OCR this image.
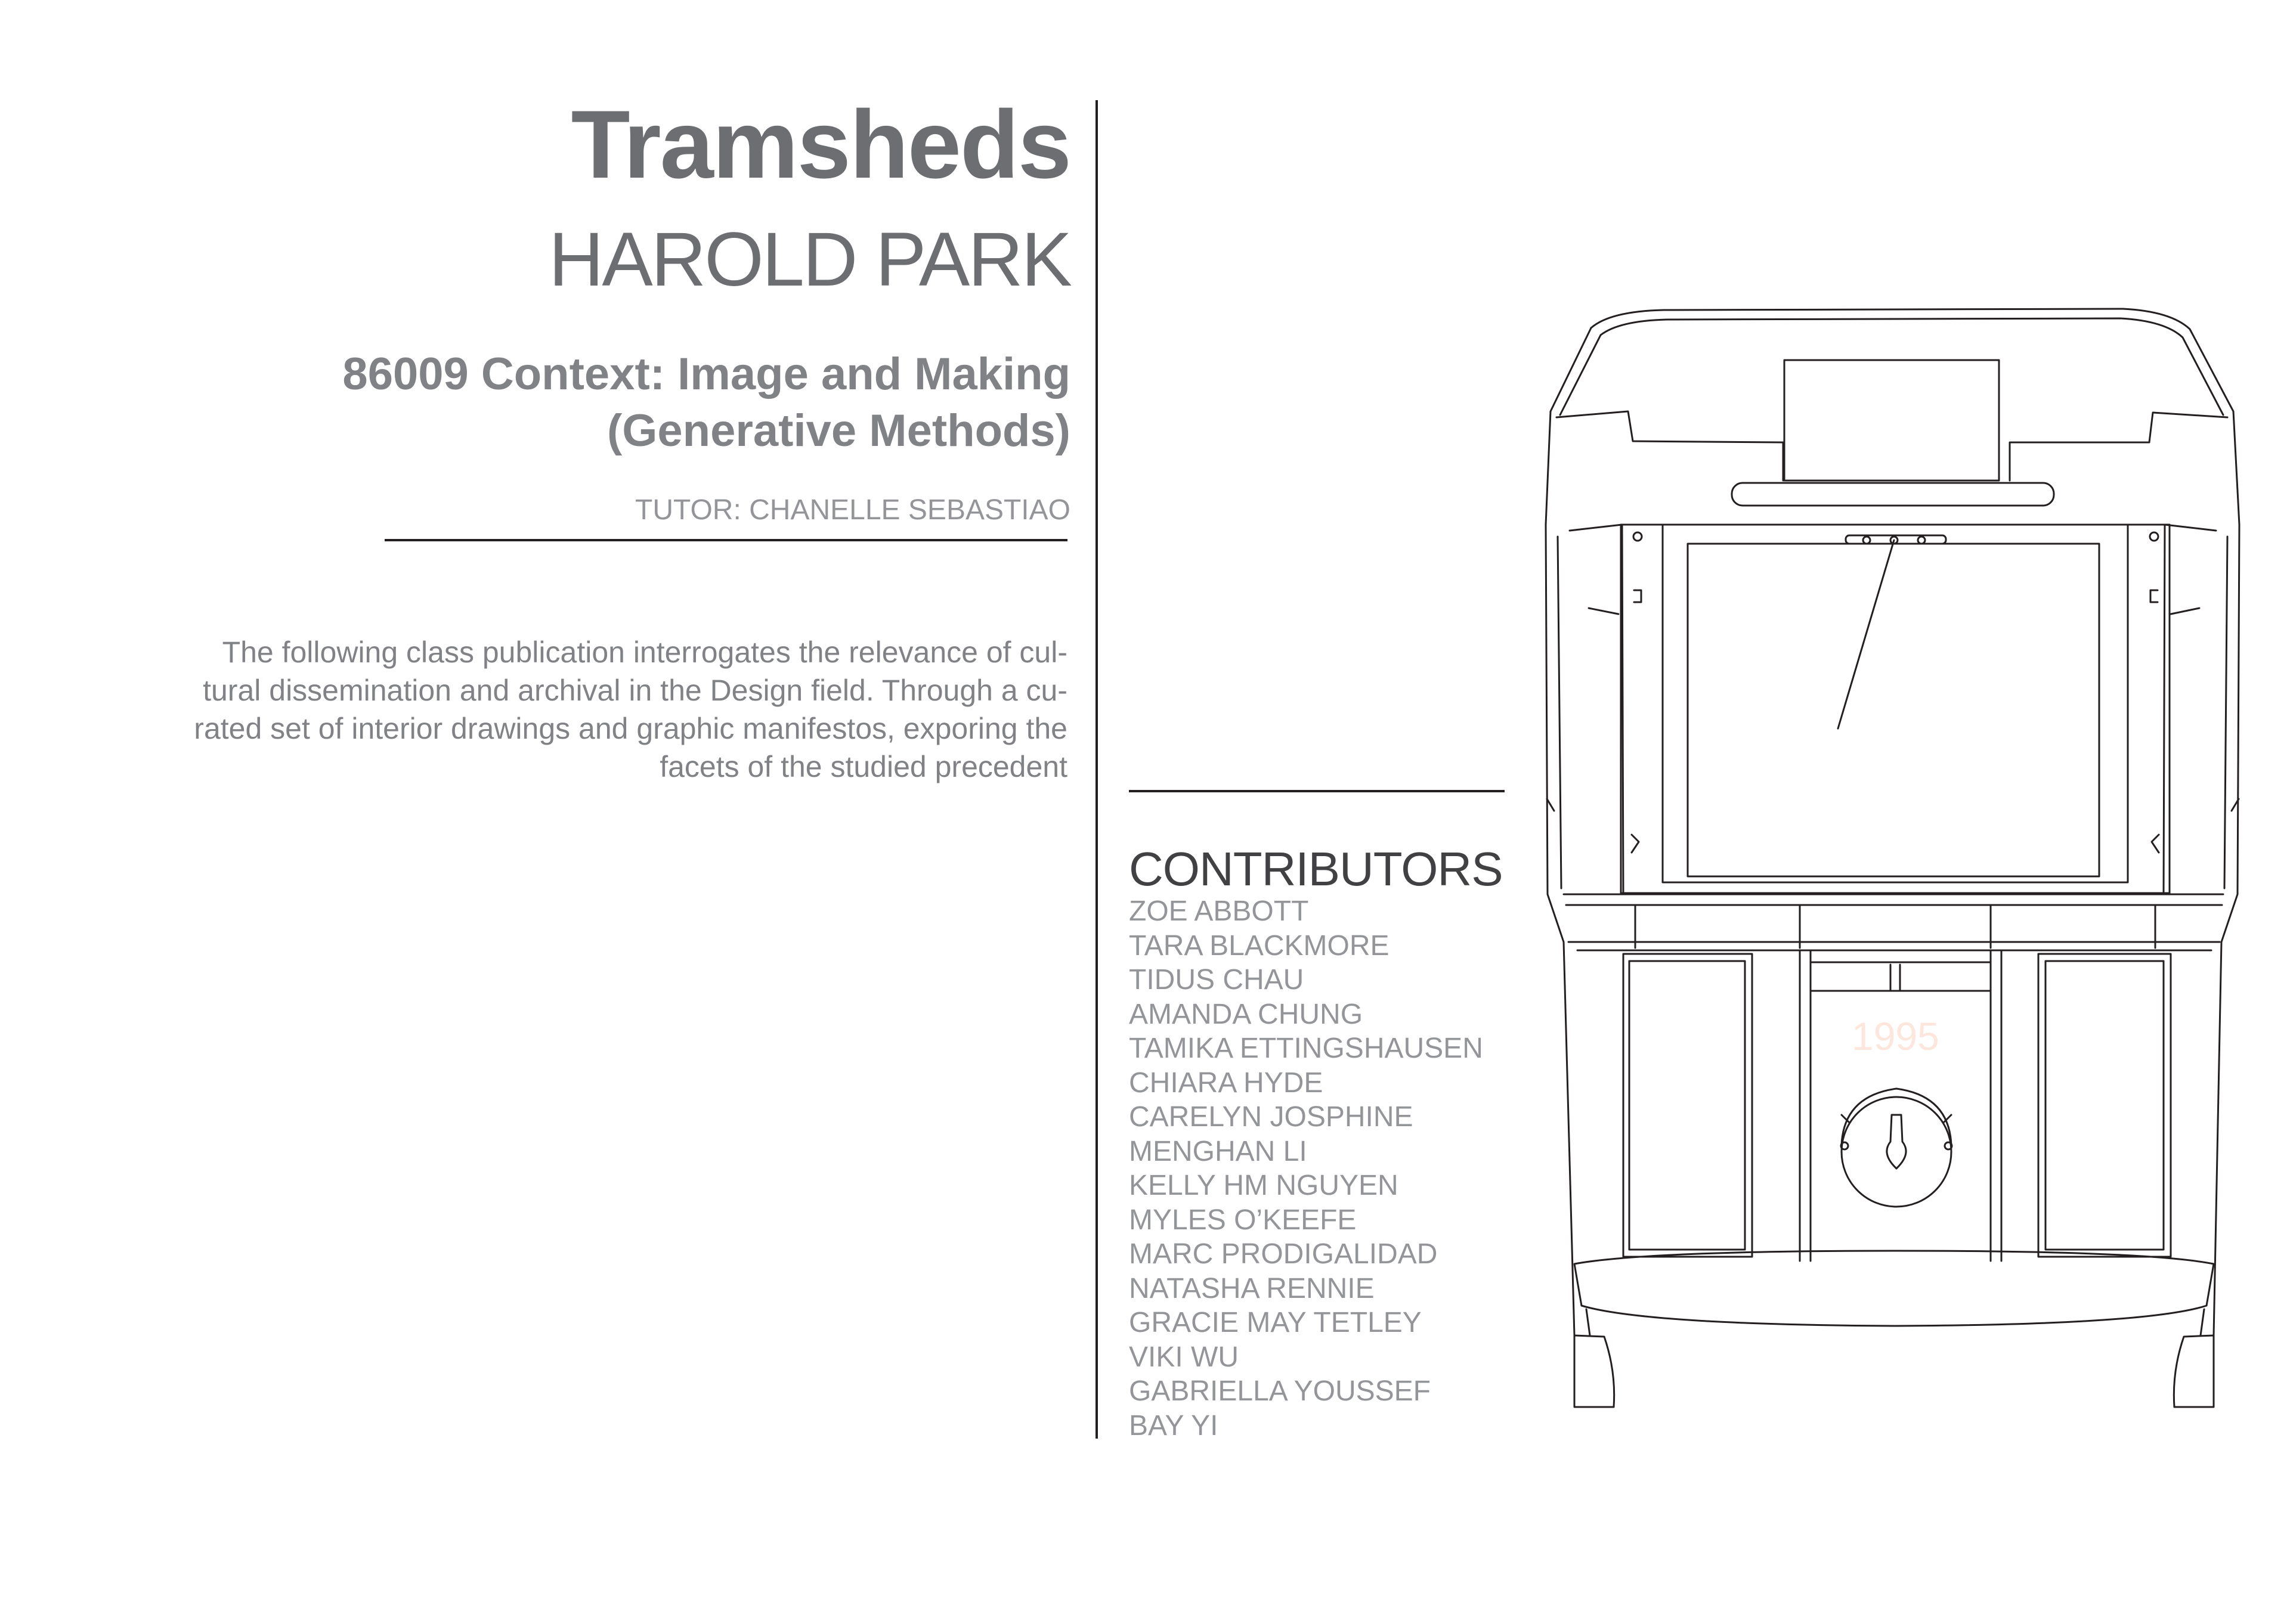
Tramsheds
HAROLD PARK
86009 Context: Image and Making
(Generative Methods)
TUTOR: CHANELLE SEBASTIAO
The following class publication interrogates the relevance of cul-
tural dissemination and archival in the Design field. Through a cu-
rated set of interior drawings and graphic manifestos, exporing the
facets of the studied precedent
CONTRIBUTORS
ZOE ABBOTT
TARA BLACKMORE
TIDUS CHAU
AMANDA CHUNG
TAMIKA ETTINGSHAUSEN
CHIARA HYDE
CARELYN JOSPHINE
MENGHAN LI
KELLY HM NGUYEN
MYLES O’KEEFE
MARC PRODIGALIDAD
NATASHA RENNIE
GRACIE MAY TETLEY
VIKI WU
GABRIELLA YOUSSEF
BAY YI
1995
